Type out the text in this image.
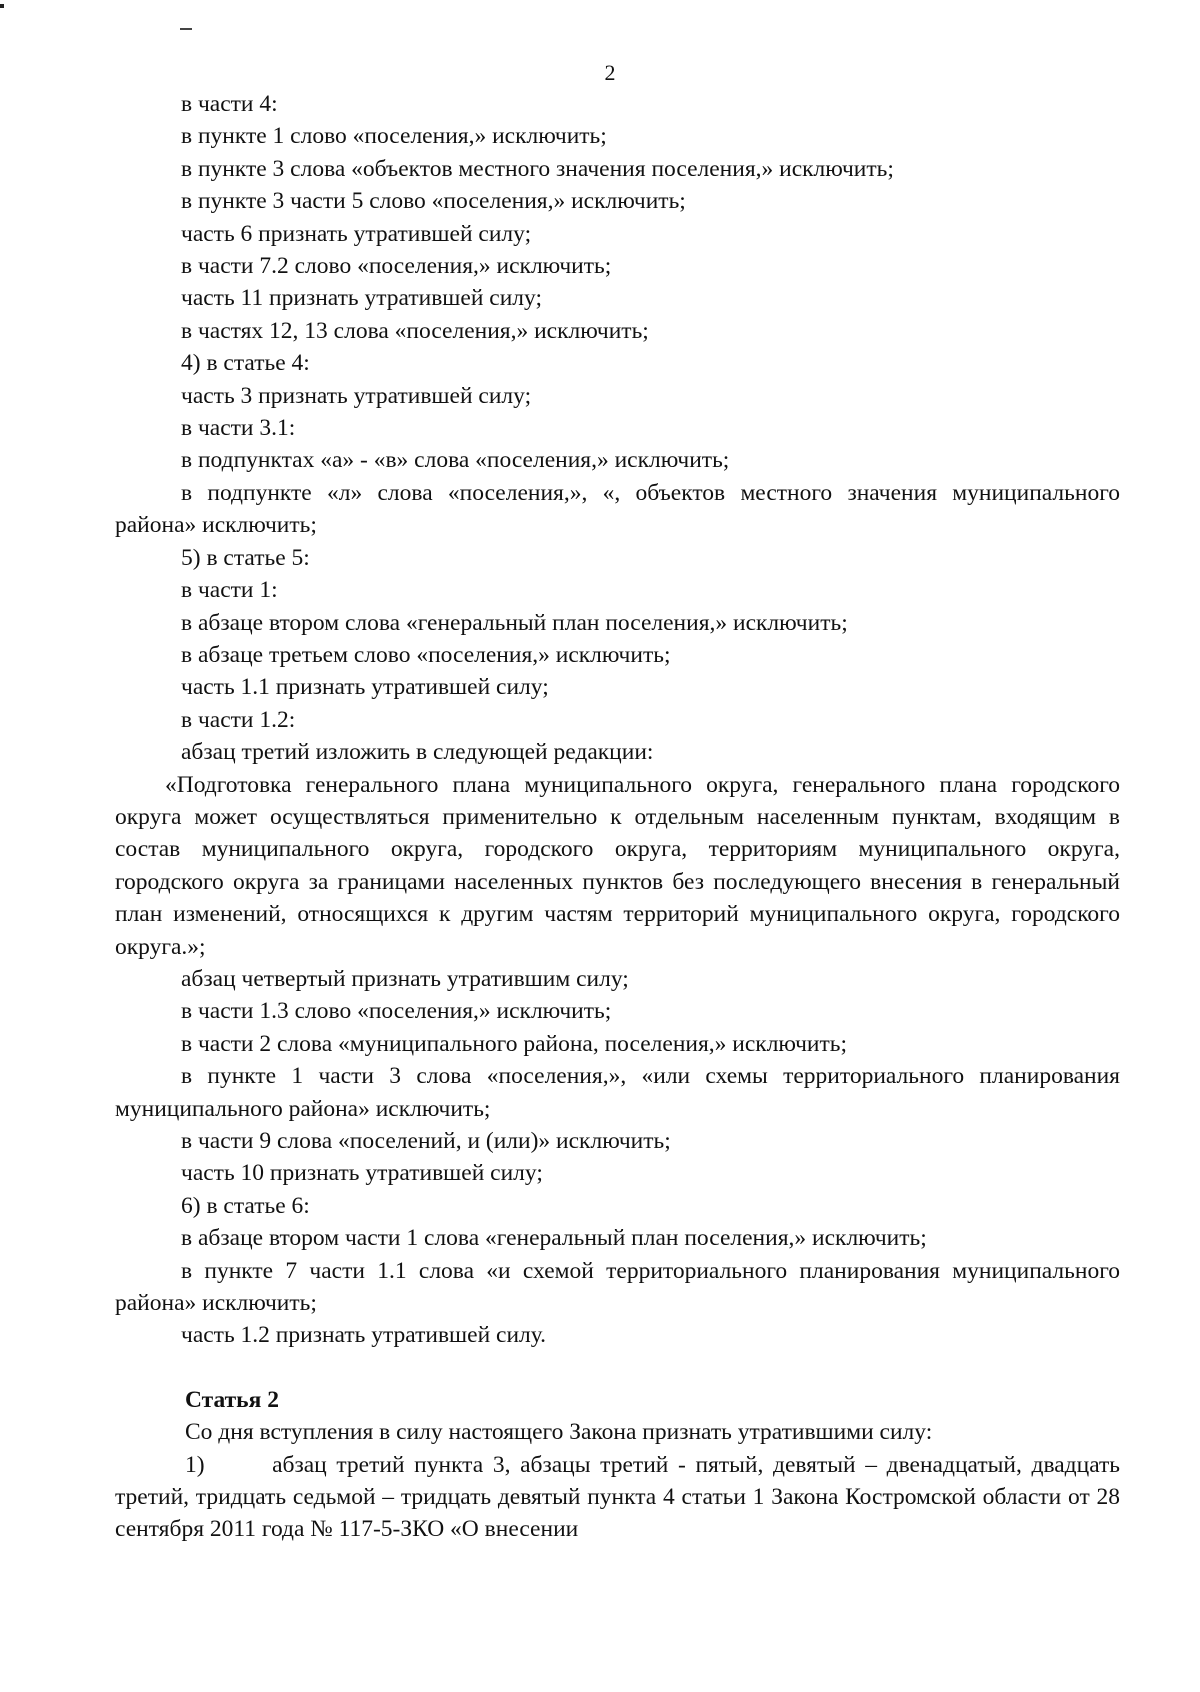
2

в части 4:

в пункте 1 слово «поселения,» исключить;

в пункте 3 слова «объектов местного значения поселения,» исключить;

в пункте 3 части 5 слово «поселения,» исключить;

часть 6 признать утратившей силу;

в части 7.2 слово «поселения,» исключить;

часть 11 признать утратившей силу;

в частях 12, 13 слова «поселения,» исключить;

4) в статье 4:

часть 3 признать утратившей силу;

в части 3.1:

в подпунктах «а» - «в» слова «поселения,» исключить;

в подпункте «л» слова «поселения,», «, объектов местного значения муниципального района» исключить;

5) в статье 5:

в части 1:

в абзаце втором слова «генеральный план поселения,» исключить;

в абзаце третьем слово «поселения,» исключить;

часть 1.1 признать утратившей силу;

в части 1.2:

абзац третий изложить в следующей редакции:

«Подготовка генерального плана муниципального округа, генерального плана городского округа может осуществляться применительно к отдельным населенным пунктам, входящим в состав муниципального округа, городского округа, территориям муниципального округа, городского округа за границами населенных пунктов без последующего внесения в генеральный план изменений, относящихся к другим частям территорий муниципального округа, городского округа.»;

абзац четвертый признать утратившим силу;

в части 1.3 слово «поселения,» исключить;

в части 2 слова «муниципального района, поселения,» исключить;

в пункте 1 части 3 слова «поселения,», «или схемы территориального планирования муниципального района» исключить;

в части 9 слова «поселений, и (или)» исключить;

часть 10 признать утратившей силу;

6) в статье 6:

в абзаце втором части 1 слова «генеральный план поселения,» исключить;

в пункте 7 части 1.1 слова «и схемой территориального планирования муниципального района» исключить;

часть 1.2 признать утратившей силу.

Статья 2

Со дня вступления в силу настоящего Закона признать утратившими силу:

1)	абзац третий пункта 3, абзацы третий - пятый, девятый – двенадцатый, двадцать третий, тридцать седьмой – тридцать девятый пункта 4 статьи 1 Закона Костромской области от 28 сентября 2011 года № 117-5-ЗКО «О внесении
